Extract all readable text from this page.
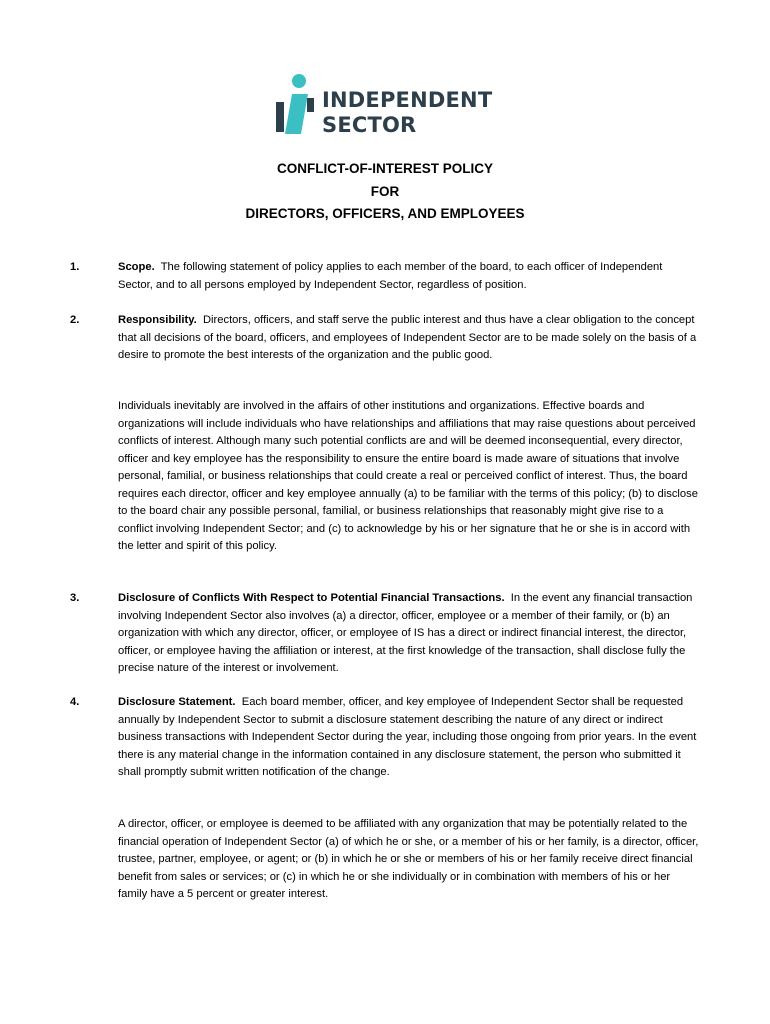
INDEPENDENT
SECTOR
CONFLICT-OF-INTEREST POLICY
FOR
DIRECTORS, OFFICERS, AND EMPLOYEES
1.	Scope. The following statement of policy applies to each member of the board, to each officer of Independent Sector, and to all persons employed by Independent Sector, regardless of position.

2.	Responsibility. Directors, officers, and staff serve the public interest and thus have a clear obligation to the concept that all decisions of the board, officers, and employees of Independent Sector are to be made solely on the basis of a desire to promote the best interests of the organization and the public good.

Individuals inevitably are involved in the affairs of other institutions and organizations. Effective boards and organizations will include individuals who have relationships and affiliations that may raise questions about perceived conflicts of interest. Although many such potential conflicts are and will be deemed inconsequential, every director, officer and key employee has the responsibility to ensure the entire board is made aware of situations that involve personal, familial, or business relationships that could create a real or perceived conflict of interest. Thus, the board requires each director, officer and key employee annually (a) to be familiar with the terms of this policy; (b) to disclose to the board chair any possible personal, familial, or business relationships that reasonably might give rise to a conflict involving Independent Sector; and (c) to acknowledge by his or her signature that he or she is in accord with the letter and spirit of this policy.

3.	Disclosure of Conflicts With Respect to Potential Financial Transactions. In the event any financial transaction involving Independent Sector also involves (a) a director, officer, employee or a member of their family, or (b) an organization with which any director, officer, or employee of IS has a direct or indirect financial interest, the director, officer, or employee having the affiliation or interest, at the first knowledge of the transaction, shall disclose fully the precise nature of the interest or involvement.

4.	Disclosure Statement. Each board member, officer, and key employee of Independent Sector shall be requested annually by Independent Sector to submit a disclosure statement describing the nature of any direct or indirect business transactions with Independent Sector during the year, including those ongoing from prior years. In the event there is any material change in the information contained in any disclosure statement, the person who submitted it shall promptly submit written notification of the change.

A director, officer, or employee is deemed to be affiliated with any organization that may be potentially related to the financial operation of Independent Sector (a) of which he or she, or a member of his or her family, is a director, officer, trustee, partner, employee, or agent; or (b) in which he or she or members of his or her family receive direct financial benefit from sales or services; or (c) in which he or she individually or in combination with members of his or her family have a 5 percent or greater interest.
